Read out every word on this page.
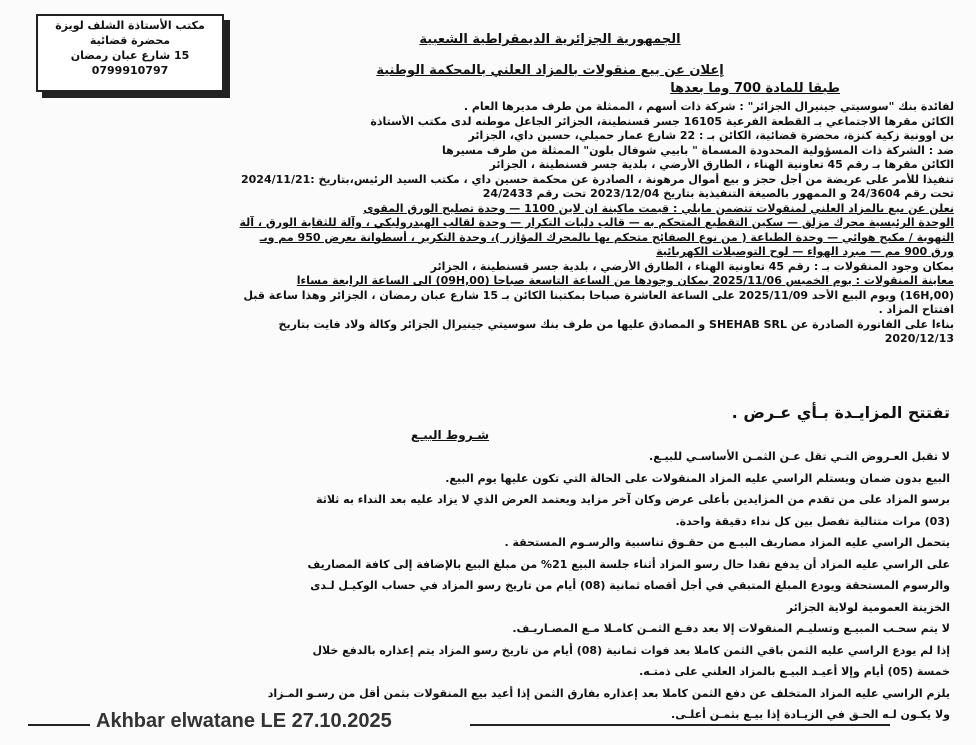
مكتب الأستاذة الشلف لويزة
محضرة قضائية
15 شارع عبان رمضان
0799910797
الجمهورية الجزائرية الديمقراطية الشعبية
إعلان عن بيع منقولات بالمزاد العلني بالمحكمة الوطنية
طبقا للمادة 700 وما بعدها

لفائدة بنك "سوسيتي جينيرال الجزائر" : شركة ذات أسهم ، الممثلة من طرف مديرها العام .

الكائن مقرها الاجتماعي بـ القطعة الفرعية 16105 جسر قسنطينة، الجزائر الجاعل موطنه لدى مكتب الأستاذة

بن اوونية زكية كنزة، محضرة قضائية، الكائن بـ : 22 شارع عمار حميلي، حسين داي، الجزائر

ضد : الشركة ذات المسؤولية المحدودة المسماة " بابيي شوفال بلون" الممثلة من طرف مسيرها

الكائن مقرها بـ رقم 45 تعاونية الهناء ، الطارق الأرضي ، بلدية جسر قسنطينة ، الجزائر

تنفيذا للأمر على عريضة من أجل حجز و بيع أموال مرهونة ، الصادرة عن محكمة حسين داي ، مكتب السيد الرئيس،بتاريخ :2024/11/21

تحت رقم 24/3604 و الممهور بالصيغة التنفيذية بتاريخ 2023/12/04 تحت رقم 24/2433

نعلن عن بيع بالمزاد العلني لمنقولات تتضمن مايلي : قيمت ماكينة ان لاين 1100 — وحدة تصليح الورق المقوى

الوحدة الرئيسية محرك مزلق — سكين التقطيع المتحكم به — قالب دليات التكرار — وحدة لقالب الهيدروليكي ، وآلة للثقاية الورق ، آلة

التهوية / مكبح هوائي — وحدة الطباعة ( من نوع الصفائح متحكم بها بالمحرك المؤازر )، وحدة التكرير ، أسطوانة بعرض 950 مم وبـ

ورق 900 مم — مبرد الهواء — لوح التوصيلات الكهربائية

بمكان وجود المنقولات بـ : رقم 45 تعاونية الهناء ، الطارق الأرضي ، بلدية جسر قسنطينة ، الجزائر

معاينة المنقولات : يوم الخميس 2025/11/06 بمكان وجودها من الساعة التاسعة صباحا (09H,00) الى الساعة الرابعة مساءا

(16H,00) ويوم البيع الأحد 2025/11/09 على الساعة العاشرة صباحا بمكتبنا الكائن بـ 15 شارع عبان رمضان ، الجزائر وهذا ساعة قبل

افتتاح المزاد .

بناءا على الفاتورة الصادرة عن SHEHAB SRL و المصادق عليها من طرف بنك سوسيتي جينيرال الجزائر وكالة ولاد فايت بتاريخ

2020/12/13

تفتتح المزايـدة بـأي عـرض .
شـروط البيـع

لا تقبل العـروض التـي تقل عـن الثمـن الأساسـي للبيـع.

البيع بدون ضمان ويستلم الراسي عليه المزاد المنقولات على الحالة التي تكون عليها يوم البيع.

برسو المزاد على من تقدم من المزايدين بأعلى عرض وكان آخر مزايد ويعتمد العرض الذي لا يزاد عليه بعد النداء به ثلاثة

(03) مرات متتالية تفصل بين كل نداء دقيقة واحدة.

يتحمل الراسي عليه المزاد مصاريف البيـع من حقـوق تناسبية والرسـوم المستحقة .

على الراسي عليه المزاد أن يدفع نقدا حال رسو المزاد أثناء جلسة البيع 21% من مبلغ البيع بالإضافة إلى كافة المصاريف

والرسوم المستحقة ويودع المبلغ المتبقي في أجل أقصاه ثمانية (08) أيام من تاريخ رسو المزاد في حساب الوكيـل لـدى

الخزينة العمومية لولاية الجزائر

لا يتم سحـب المبيـع وتسليـم المنقولات إلا بعد دفـع الثمـن كامـلا مـع المصـاريـف.

إذا لم يودع الراسي عليه الثمن باقي الثمن كاملا بعد فوات ثمانية (08) أيام من تاريخ رسو المزاد يتم إعذاره بالدفع خلال

خمسة (05) أيام وإلا أعيـد البيـع بالمزاد العلني على ذمتـه.

يلزم الراسي عليه المزاد المتخلف عن دفع الثمن كاملا بعد إعذاره بفارق الثمن إذا أعيد بيع المنقولات بثمن أقل من رسـو المـزاد

ولا يكـون لـه الحـق في الزيـادة إذا بيـع بثمـن أعلـى.

Akhbar elwatane LE 27.10.2025
